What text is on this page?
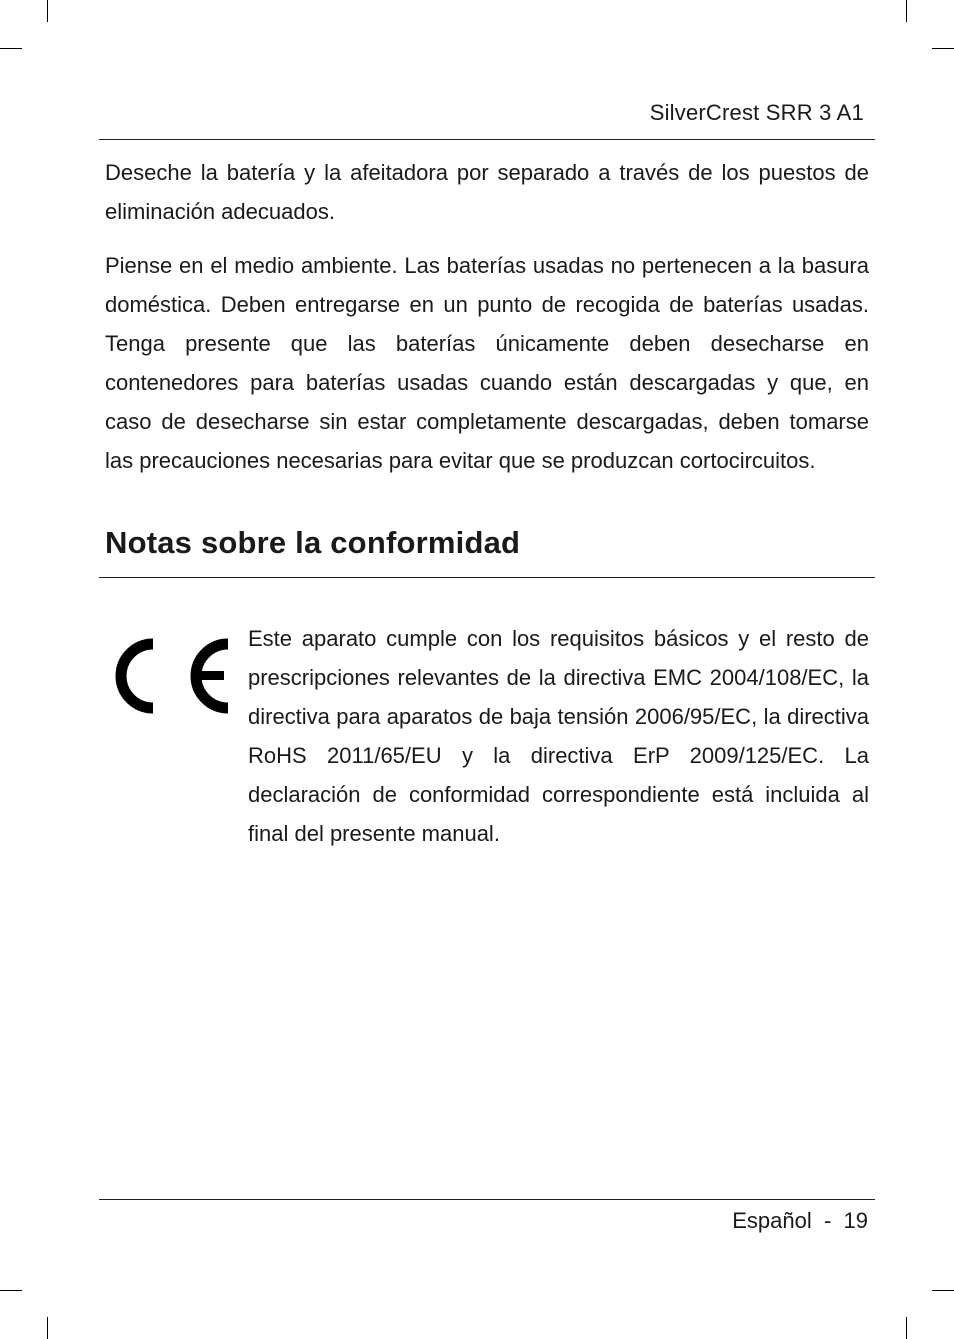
SilverCrest SRR 3 A1

Deseche la batería y la afeitadora por separado a través de los puestos de eliminación adecuados.

Piense en el medio ambiente. Las baterías usadas no pertenecen a la basura doméstica. Deben entregarse en un punto de recogida de baterías usadas. Tenga presente que las baterías únicamente deben desecharse en contenedores para baterías usadas cuando están descargadas y que, en caso de desecharse sin estar completamente descargadas, deben tomarse las precauciones necesarias para evitar que se produzcan cortocircuitos.

Notas sobre la conformidad

Este aparato cumple con los requisitos básicos y el resto de prescripciones relevantes de la directiva EMC 2004/108/EC, la directiva para aparatos de baja tensión 2006/95/EC, la directiva RoHS 2011/65/EU y la directiva ErP 2009/125/EC. La declaración de conformidad correspondiente está incluida al final del presente manual.

Español - 19
